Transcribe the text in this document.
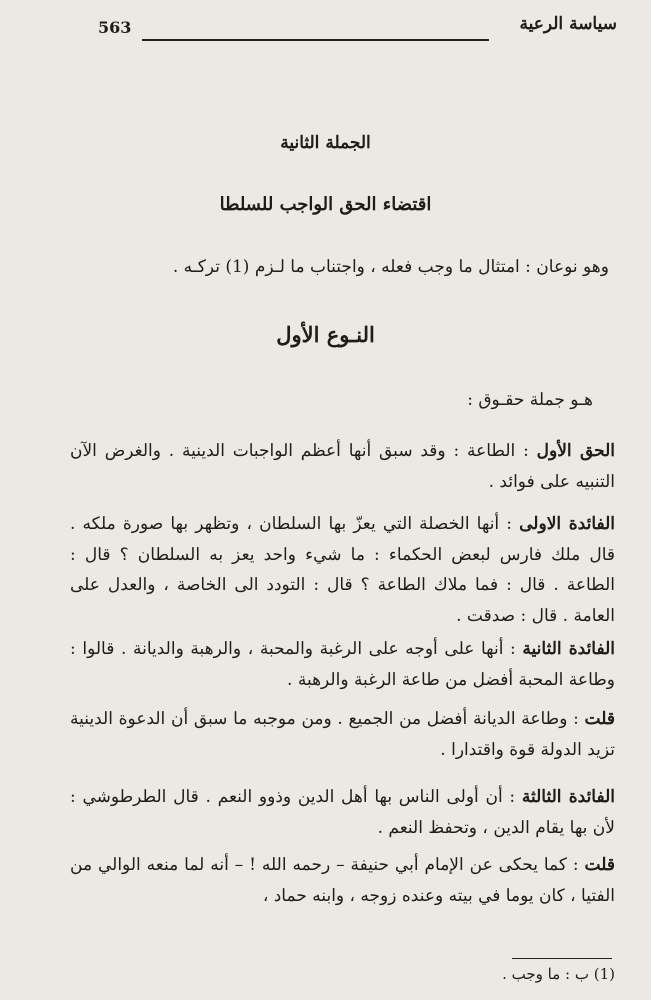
سياسة الرعية
563
الجملة الثانية
اقتضاء الحق الواجب للسلطا
وهو نوعان : امتثال ما وجب فعله ، واجتناب ما لـزم (1) تركـه .
النـوع الأول
هـو جملة حقـوق :
الحق الأول : الطاعة : وقد سبق أنها أعظم الواجبات الدينية . والغرض الآن التنبيه على فوائد .
الفائدة الاولى : أنها الخصلة التي يعزّ بها السلطان ، وتظهر بها صورة ملكه . قال ملك فارس لبعض الحكماء : ما شيء واحد يعز به السلطان ؟ قال : الطاعة . قال : فما ملاك الطاعة ؟ قال : التودد الى الخاصة ، والعدل على العامة . قال : صدقت .
الفائدة الثانية : أنها على أوجه على الرغبة والمحبة ، والرهبة والديانة . قالوا : وطاعة المحبة أفضل من طاعة الرغبة والرهبة .
قلت : وطاعة الديانة أفضل من الجميع . ومن موجبه ما سبق أن الدعوة الدينية تزيد الدولة قوة واقتدارا .
الفائدة الثالثة : أن أولى الناس بها أهل الدين وذوو النعم . قال الطرطوشي : لأن بها يقام الدين ، وتحفظ النعم .
قلت : كما يحكى عن الإمام أبي حنيفة – رحمه الله ! – أنه لما منعه الوالي من الفتيا ، كان يوما في بيته وعنده زوجه ، وابنه حماد ،
(1) ب : ما وجب .
